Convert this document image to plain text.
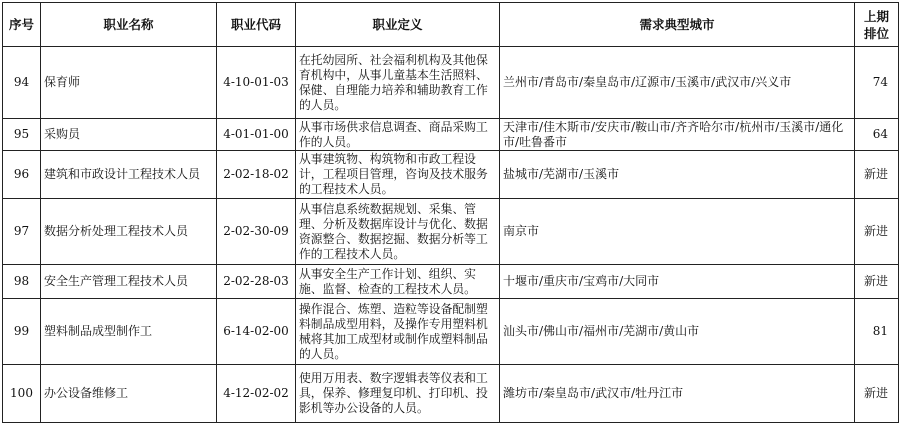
序号	职业名称	职业代码	职业定义	需求典型城市	上期排位
94	保育师	4-10-01-03	在托幼园所、社会福利机构及其他保育机构中，从事儿童基本生活照料、保健、自理能力培养和辅助教育工作的人员。	兰州市/青岛市/秦皇岛市/辽源市/玉溪市/武汉市/兴义市	74
95	采购员	4-01-01-00	从事市场供求信息调查、商品采购工作的人员。	天津市/佳木斯市/安庆市/鞍山市/齐齐哈尔市/杭州市/玉溪市/通化市/吐鲁番市	64
96	建筑和市政设计工程技术人员	2-02-18-02	从事建筑物、构筑物和市政工程设计，工程项目管理，咨询及技术服务的工程技术人员。	盐城市/芜湖市/玉溪市	新进
97	数据分析处理工程技术人员	2-02-30-09	从事信息系统数据规划、采集、管理、分析及数据库设计与优化、数据资源整合、数据挖掘、数据分析等工作的工程技术人员。	南京市	新进
98	安全生产管理工程技术人员	2-02-28-03	从事安全生产工作计划、组织、实施、监督、检查的工程技术人员。	十堰市/重庆市/宝鸡市/大同市	新进
99	塑料制品成型制作工	6-14-02-00	操作混合、炼塑、造粒等设备配制塑料制品成型用料，及操作专用塑料机械将其加工成型材或制作成塑料制品的人员。	汕头市/佛山市/福州市/芜湖市/黄山市	81
100	办公设备维修工	4-12-02-02	使用万用表、数字逻辑表等仪表和工具，保养、修理复印机、打印机、投影机等办公设备的人员。	潍坊市/秦皇岛市/武汉市/牡丹江市	新进
